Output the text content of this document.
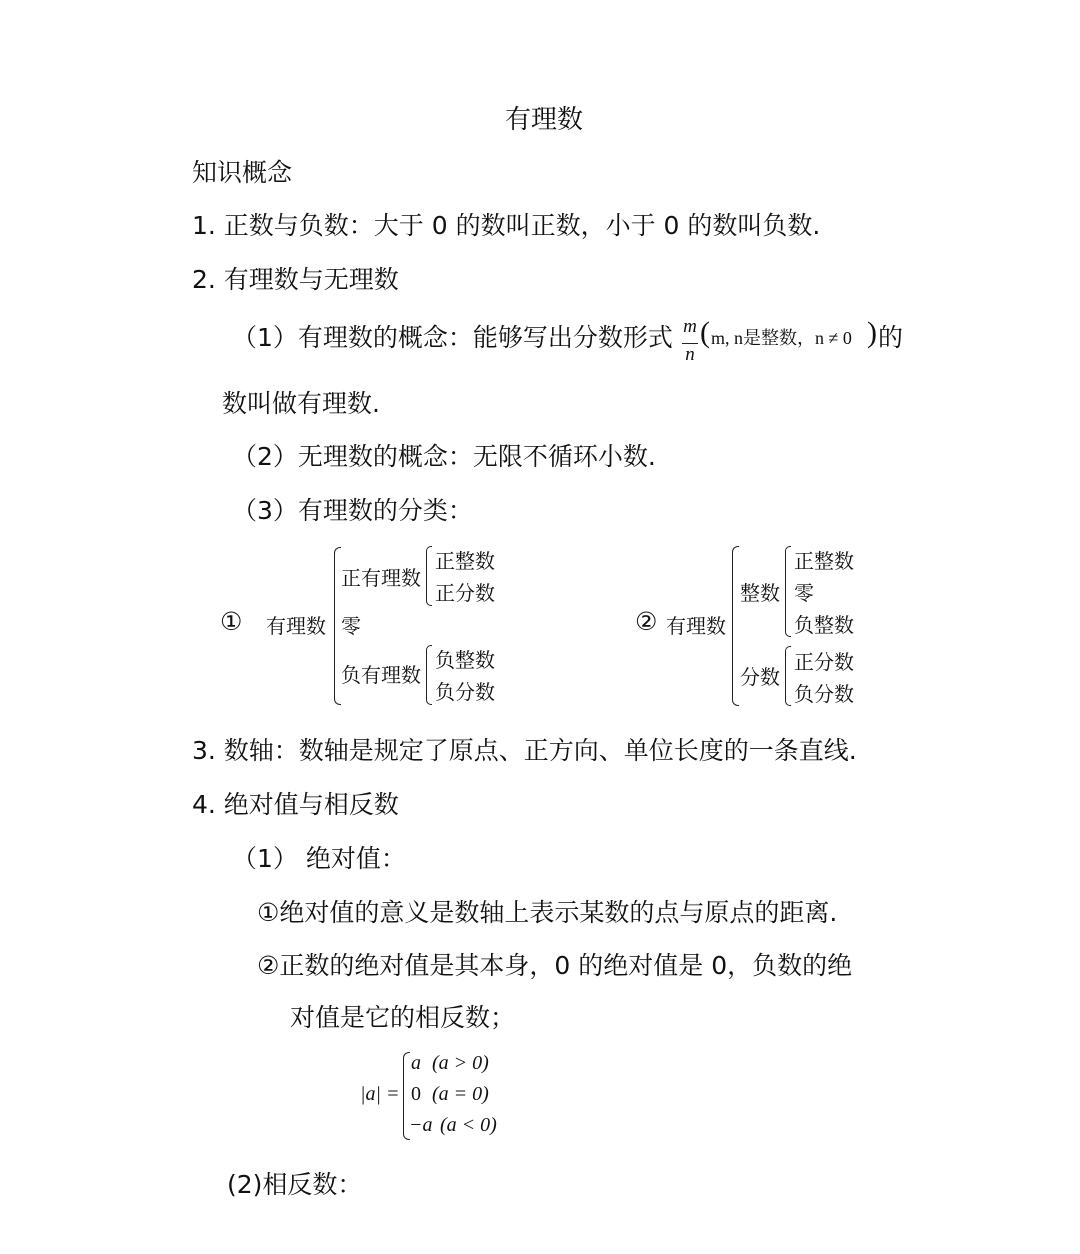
有理数
知识概念
1. 正数与负数：大于 0 的数叫正数，小于 0 的数叫负数.
2. 有理数与无理数
（1）有理数的概念：能够写出分数形式 m
n
( m, n是整数，n ≠ 0 ) 的
数叫做有理数.
（2）无理数的概念：无限不循环小数.
（3）有理数的分类：
① 有理数
正有理数
正整数
正分数
零
负有理数
负整数
负分数
② 有理数
整数
正整数
零
负整数
分数
正分数
负分数
3. 数轴：数轴是规定了原点、正方向、单位长度的一条直线.
4. 绝对值与相反数
（1） 绝对值：
①绝对值的意义是数轴上表示某数的点与原点的距离.
②正数的绝对值是其本身，0 的绝对值是 0，负数的绝
对值是它的相反数；
|a| =
a (a > 0)
0 (a = 0)
−a (a < 0)
(2)相反数：
